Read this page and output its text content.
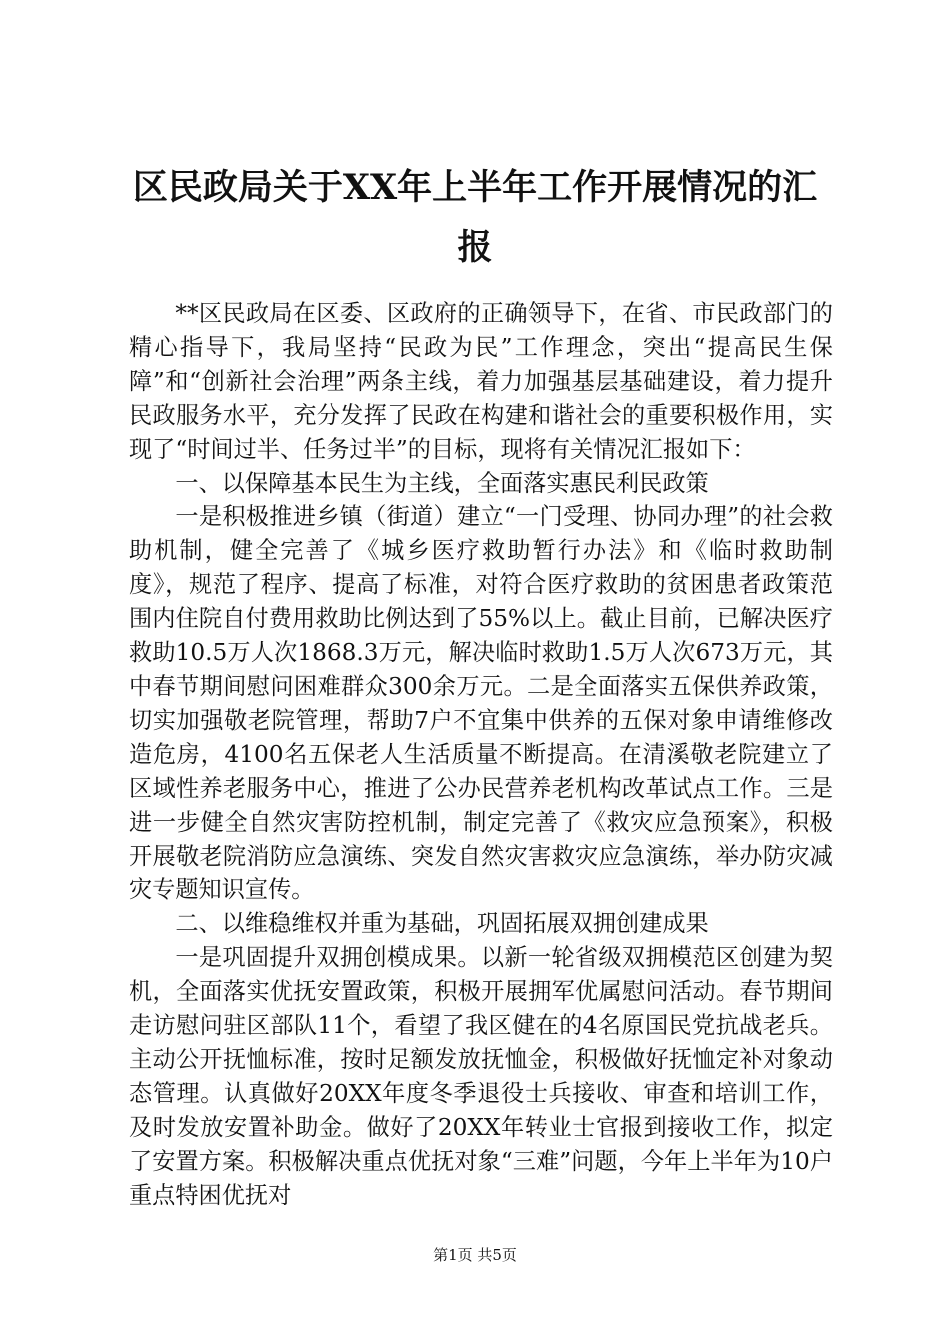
区民政局关于XX年上半年工作开展情况的汇
报

**区民政局在区委、区政府的正确领导下，在省、市民政部门的精心指导下，我局坚持“民政为民”工作理念，突出“提高民生保障”和“创新社会治理”两条主线，着力加强基层基础建设，着力提升民政服务水平，充分发挥了民政在构建和谐社会的重要积极作用，实现了“时间过半、任务过半”的目标，现将有关情况汇报如下：

一、以保障基本民生为主线，全面落实惠民利民政策

一是积极推进乡镇（街道）建立“一门受理、协同办理”的社会救助机制，健全完善了《城乡医疗救助暂行办法》和《临时救助制度》，规范了程序、提高了标准，对符合医疗救助的贫困患者政策范围内住院自付费用救助比例达到了55%以上。截止目前，已解决医疗救助10.5万人次1868.3万元，解决临时救助1.5万人次673万元，其中春节期间慰问困难群众300余万元。二是全面落实五保供养政策，切实加强敬老院管理，帮助7户不宜集中供养的五保对象申请维修改造危房，4100名五保老人生活质量不断提高。在清溪敬老院建立了区域性养老服务中心，推进了公办民营养老机构改革试点工作。三是进一步健全自然灾害防控机制，制定完善了《救灾应急预案》，积极开展敬老院消防应急演练、突发自然灾害救灾应急演练，举办防灾减灾专题知识宣传。

二、以维稳维权并重为基础，巩固拓展双拥创建成果

一是巩固提升双拥创模成果。以新一轮省级双拥模范区创建为契机，全面落实优抚安置政策，积极开展拥军优属慰问活动。春节期间走访慰问驻区部队11个，看望了我区健在的4名原国民党抗战老兵。主动公开抚恤标准，按时足额发放抚恤金，积极做好抚恤定补对象动态管理。认真做好20XX年度冬季退役士兵接收、审查和培训工作，及时发放安置补助金。做好了20XX年转业士官报到接收工作，拟定了安置方案。积极解决重点优抚对象“三难”问题，今年上半年为10户重点特困优抚对

第1页 共5页
